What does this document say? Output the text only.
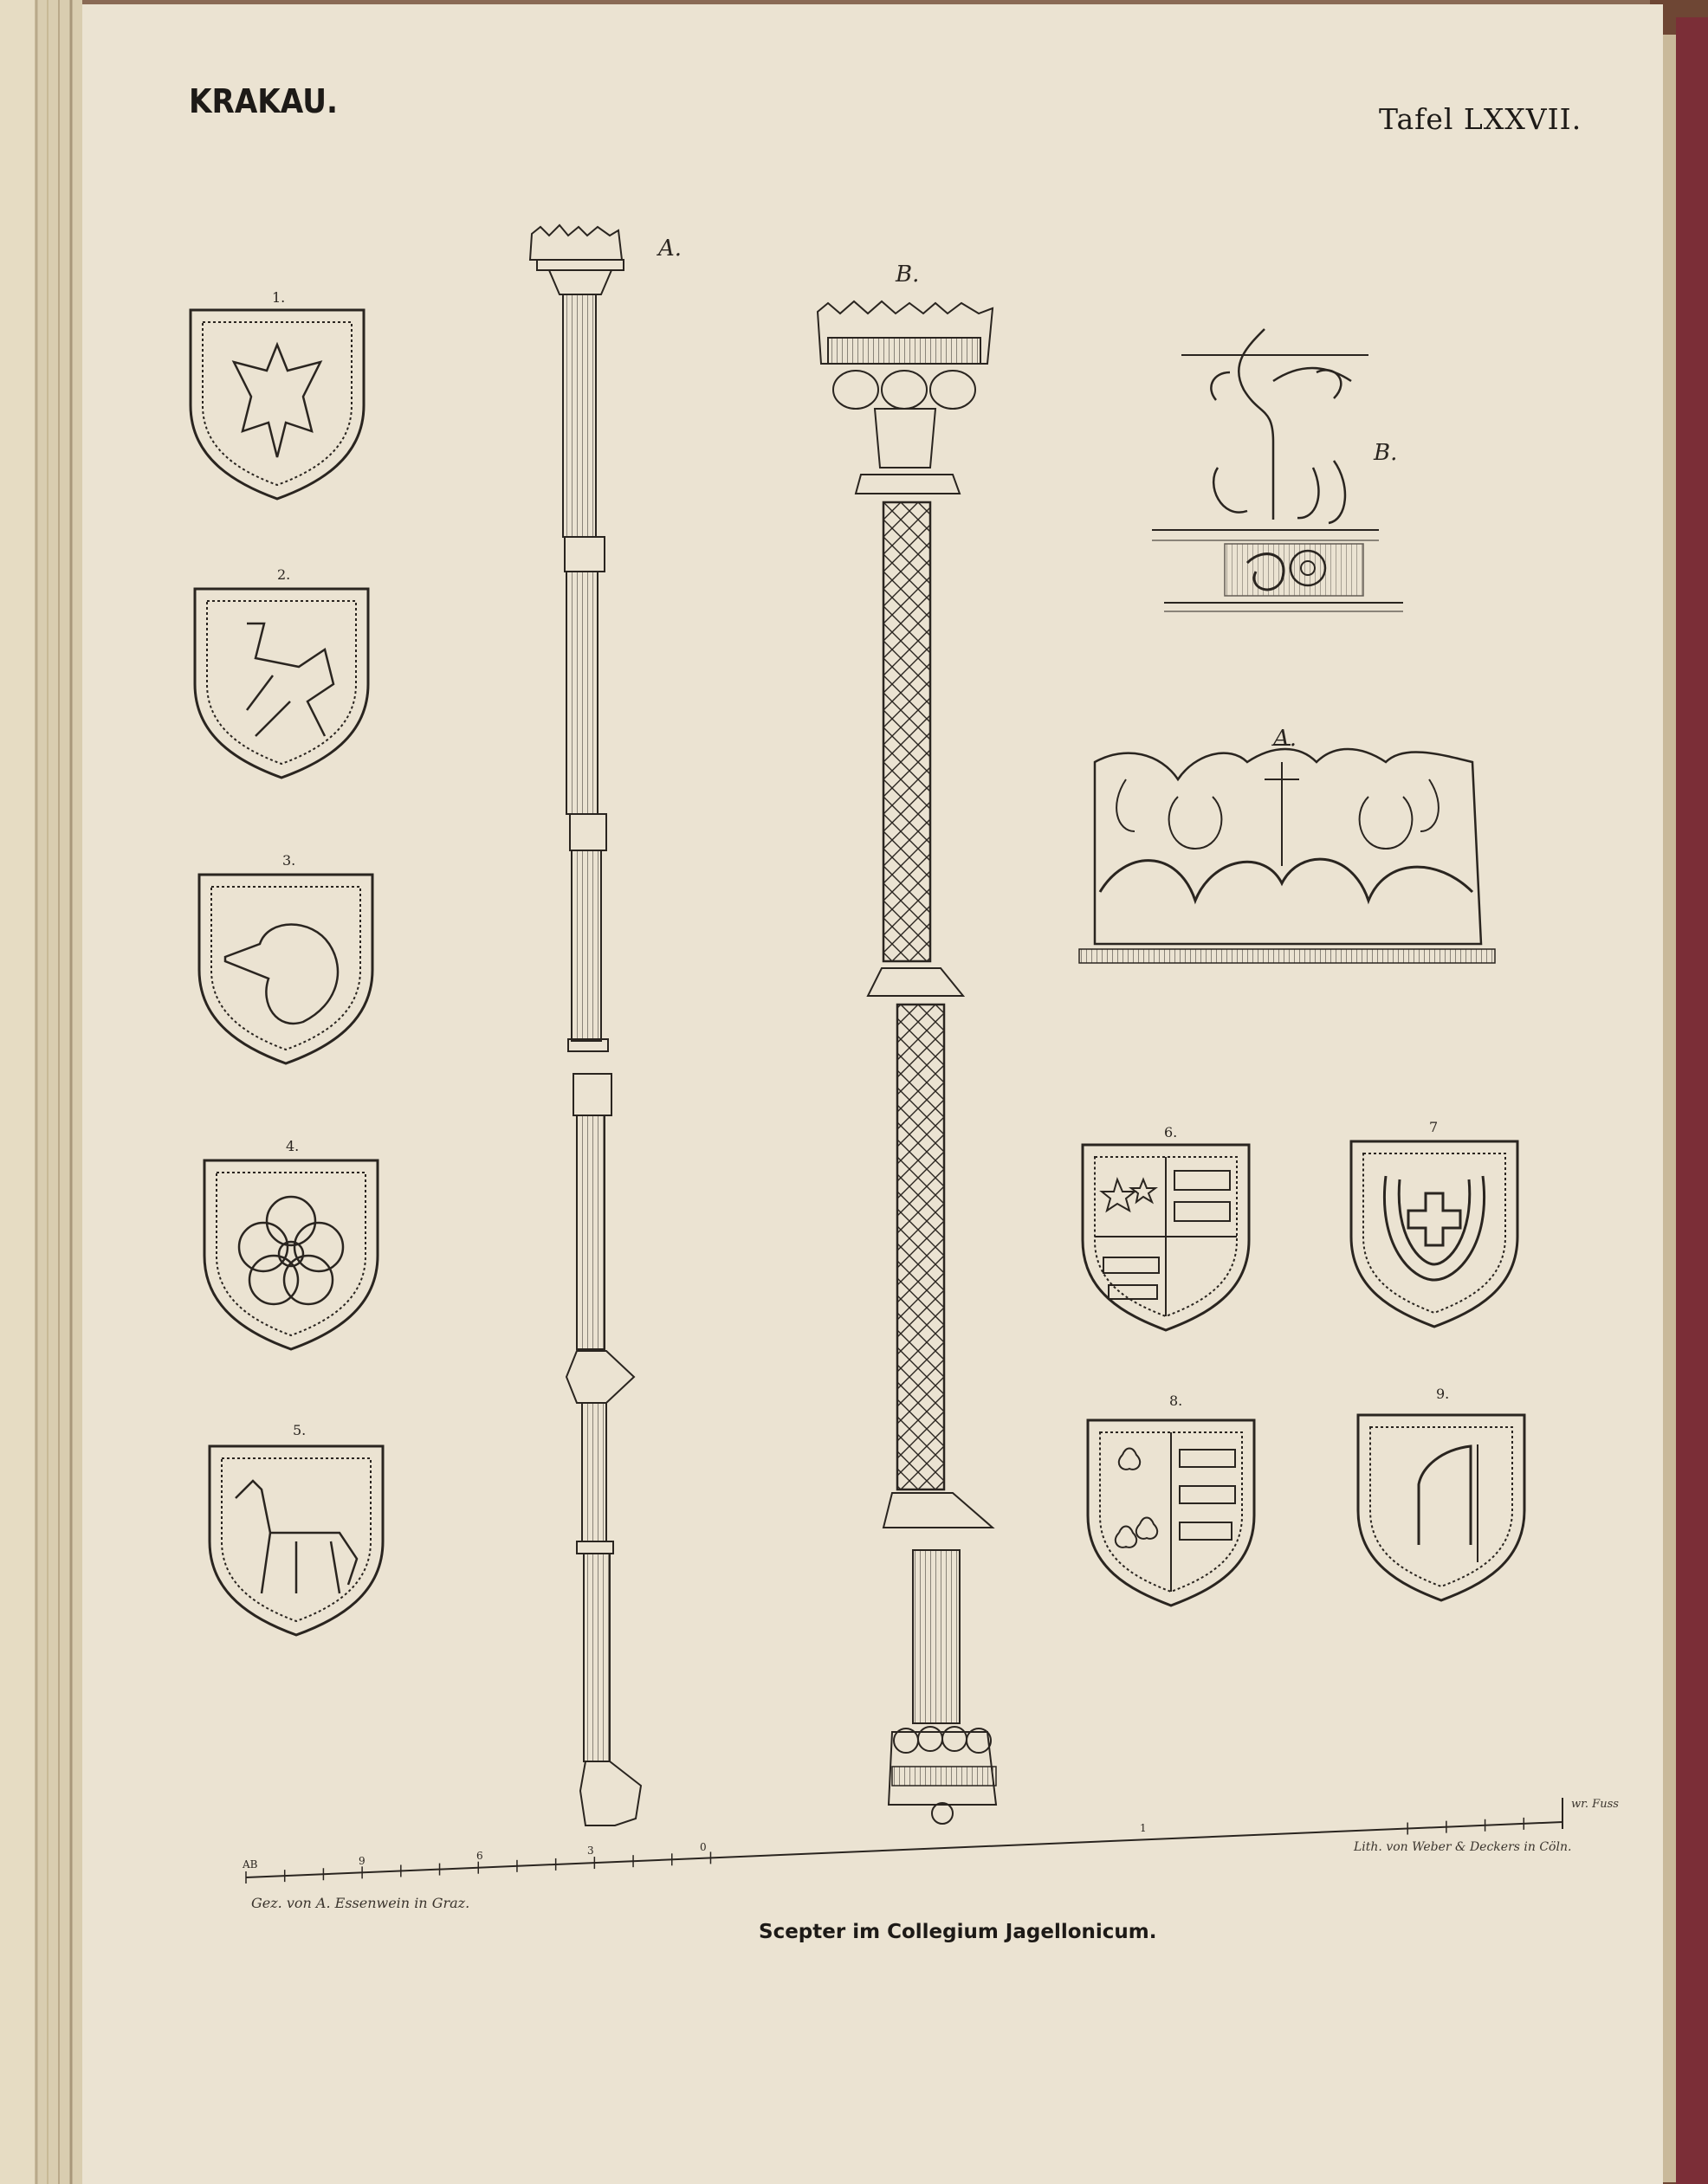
KRAKAU.	Tafel LXXVII.
1.
2.
3.
4.
5.
6.	7
8.	9.
A.
B.
B.
A.
AB	9	6	3	0
1
wr. Fuss
Gez. von A. Essenwein in Graz.
Lith. von Weber & Deckers in Cöln.
Scepter im Collegium Jagellonicum.
